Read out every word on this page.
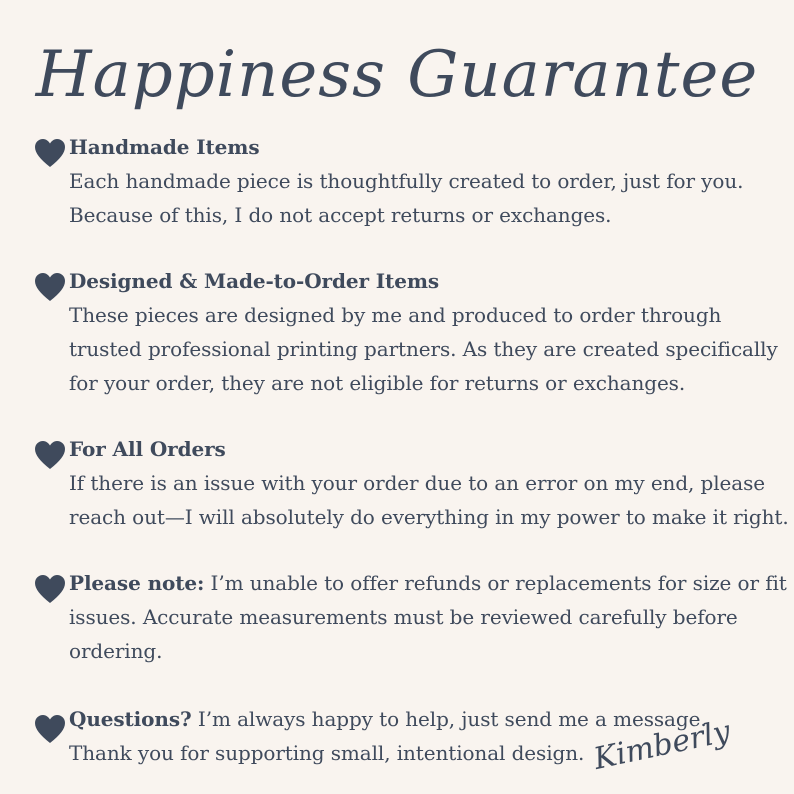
Happiness Guarantee
Handmade Items
Each handmade piece is thoughtfully created to order, just for you.
Because of this, I do not accept returns or exchanges.
Designed & Made-to-Order Items
These pieces are designed by me and produced to order through
trusted professional printing partners. As they are created specifically
for your order, they are not eligible for returns or exchanges.
For All Orders
If there is an issue with your order due to an error on my end, please
reach out—I will absolutely do everything in my power to make it right.
Please note: I’m unable to offer refunds or replacements for size or fit
issues. Accurate measurements must be reviewed carefully before
ordering.
Questions? I’m always happy to help, just send me a message.
Thank you for supporting small, intentional design. Kimberly
